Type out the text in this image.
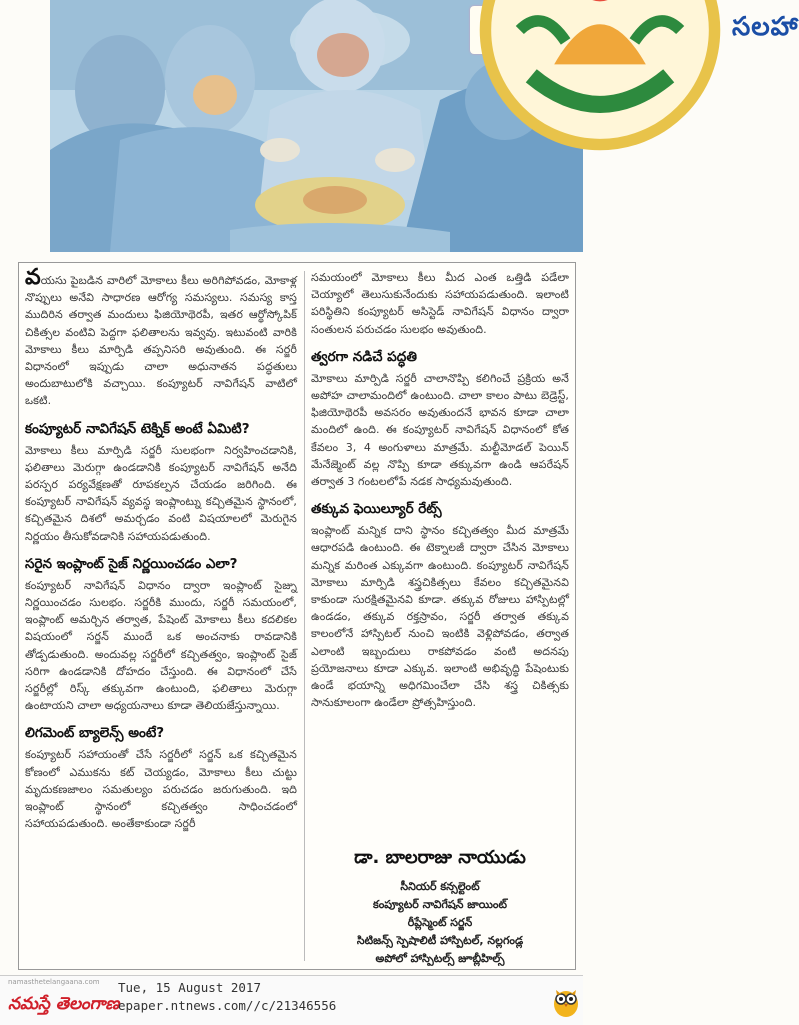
సలహా

వయసు పైబడిన వారిలో మోకాలు కీలు అరిగిపోవడం, మోకాళ్ల నొప్పులు అనేవి సాధారణ ఆరోగ్య సమస్యలు. సమస్య కాస్త ముదిరిన తర్వాత మందులు ఫిజియోథెరపీ, ఇతర ఆర్థోస్కోపిక్ చికిత్సల వంటివి పెద్దగా ఫలితాలను ఇవ్వవు. ఇటువంటి వారికి మోకాలు కీలు మార్పిడి తప్పనిసరి అవుతుంది. ఈ సర్జరీ విధానంలో ఇప్పుడు చాలా అధునాతన పద్ధతులు అందుబాటులోకి వచ్చాయి. కంప్యూటర్ నావిగేషన్ వాటిలో ఒకటి.

కంప్యూటర్ నావిగేషన్ టెక్నిక్ అంటే ఏమిటి?

మోకాలు కీలు మార్పిడి సర్జరీ సులభంగా నిర్వహించడానికి, ఫలితాలు మెరుగ్గా ఉండడానికి కంప్యూటర్ నావిగేషన్ అనేది పరస్పర పర్యవేక్షణతో రూపకల్పన చేయడం జరిగింది. ఈ కంప్యూటర్ నావిగేషన్ వ్యవస్థ ఇంప్లాంట్ను కచ్చితమైన స్థానంలో, కచ్చితమైన దిశలో అమర్చడం వంటి విషయాలలో మెరుగైన నిర్ణయం తీసుకోవడానికి సహాయపడుతుంది.

సరైన ఇంప్లాంట్ సైజ్ నిర్ణయించడం ఎలా?

కంప్యూటర్ నావిగేషన్ విధానం ద్వారా ఇంప్లాంట్ సైజ్ను నిర్ణయించడం సులభం. సర్జరీకి ముందు, సర్జరీ సమయంలో, ఇంప్లాంట్ అమర్చిన తర్వాత, పేషెంట్ మోకాలు కీలు కదలికల విషయంలో సర్జన్ ముందే ఒక అంచనాకు రావడానికి తోడ్పడుతుంది. అందువల్ల సర్జరీలో కచ్చితత్వం, ఇంప్లాంట్ సైజ్ సరిగా ఉండడానికి దోహదం చేస్తుంది. ఈ విధానంలో చేసే సర్జరీల్లో రిస్క్ తక్కువగా ఉంటుంది, ఫలితాలు మెరుగ్గా ఉంటాయని చాలా అధ్యయనాలు కూడా తెలియజేస్తున్నాయి.

లిగమెంట్ బ్యాలెన్స్ అంటే?

కంప్యూటర్ సహాయంతో చేసే సర్జరీలో సర్జన్ ఒక కచ్చితమైన కోణంలో ఎముకను కట్ చెయ్యడం, మోకాలు కీలు చుట్టు మృదుకణజాలం సమతుల్యం పరుచడం జరుగుతుంది. ఇది ఇంప్లాంట్ స్థానంలో కచ్చితత్వం సాధించడంలో సహాయపడుతుంది. అంతేకాకుండా సర్జరీ

సమయంలో మోకాలు కీలు మీద ఎంత ఒత్తిడి పడేలా చెయ్యాలో తెలుసుకునేందుకు సహాయపడుతుంది. ఇలాంటి పరిస్థితిని కంప్యూటర్ అసిస్టెడ్ నావిగేషన్ విధానం ద్వారా సంతులన పరుచడం సులభం అవుతుంది.

త్వరగా నడిచే పద్ధతి

మోకాలు మార్పిడి సర్జరీ చాలానొప్పి కలిగించే ప్రక్రియ అనే అపోహ చాలామందిలో ఉంటుంది. చాలా కాలం పాటు బెడ్రెస్ట్, ఫిజియోథెరపీ అవసరం అవుతుందనే భావన కూడా చాలా మందిలో ఉంది. ఈ కంప్యూటర్ నావిగేషన్ విధానంలో కోత కేవలం 3, 4 అంగుళాలు మాత్రమే. మల్టీమోడల్ పెయిన్ మేనేజ్మెంట్ వల్ల నొప్పి కూడా తక్కువగా ఉండి ఆపరేషన్ తర్వాత 3 గంటలలోపే నడక సాధ్యమవుతుంది.

తక్కువ ఫెయిల్యూర్ రేట్స్

ఇంప్లాంట్ మన్నిక దాని స్థానం కచ్చితత్వం మీద మాత్రమే ఆధారపడి ఉంటుంది. ఈ టెక్నాలజీ ద్వారా చేసిన మోకాలు మన్నిక మరింత ఎక్కువగా ఉంటుంది. కంప్యూటర్ నావిగేషన్ మోకాలు మార్పిడి శస్త్రచికిత్సలు కేవలం కచ్చితమైనవి కాకుండా సురక్షితమైనవి కూడా. తక్కువ రోజులు హాస్పిటల్లో ఉండడం, తక్కువ రక్తస్రావం, సర్జరీ తర్వాత తక్కువ కాలంలోనే హాస్పిటల్ నుంచి ఇంటికి వెళ్లిపోవడం, తర్వాత ఎలాంటి ఇబ్బందులు రాకపోవడం వంటి అదనపు ప్రయోజనాలు కూడా ఎక్కువ. ఇలాంటి అభివృద్ధి పేషెంటుకు ఉండే భయాన్ని అధిగమించేలా చేసి శస్త్ర చికిత్సకు సానుకూలంగా ఉండేలా ప్రోత్సహిస్తుంది.

డా. బాలరాజు నాయుడు

సీనియర్ కన్సల్టెంట్

కంప్యూటర్ నావిగేషన్ జాయింట్

రీప్లేస్మెంట్ సర్జన్

సిటిజన్స్ స్పెషాలిటీ హాస్పిటల్, నల్లగండ్ల

అపోలో హాస్పిటల్స్ జూబ్లీహిల్స్

namasthetelangaana.com
నమస్తే తెలంగాణ
Tue, 15 August 2017
epaper.ntnews.com//c/21346556
